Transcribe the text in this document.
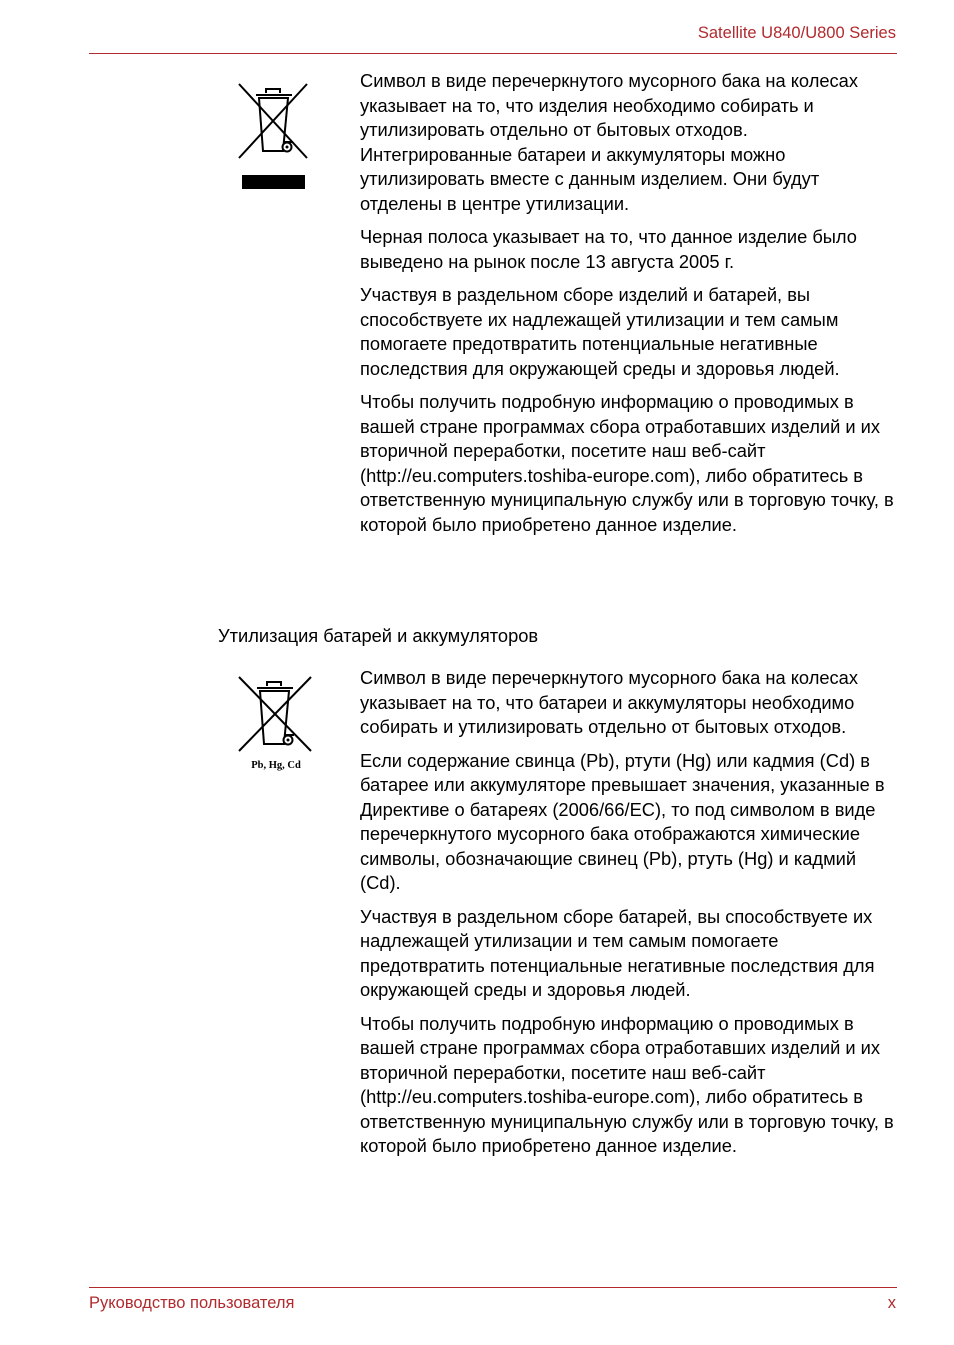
Satellite U840/U800 Series

Символ в виде перечеркнутого мусорного бака на колесах указывает на то, что изделия необходимо собирать и утилизировать отдельно от бытовых отходов. Интегрированные батареи и аккумуляторы можно утилизировать вместе с данным изделием. Они будут отделены в центре утилизации.

Черная полоса указывает на то, что данное изделие было выведено на рынок после 13 августа 2005 г.

Участвуя в раздельном сборе изделий и батарей, вы способствуете их надлежащей утилизации и тем самым помогаете предотвратить потенциальные негативные последствия для окружающей среды и здоровья людей.

Чтобы получить подробную информацию о проводимых в вашей стране программах сбора отработавших изделий и их вторичной переработки, посетите наш веб-сайт (http://eu.computers.toshiba-europe.com), либо обратитесь в ответственную муниципальную службу или в торговую точку, в которой было приобретено данное изделие.

Утилизация батарей и аккумуляторов
Pb, Hg, Cd

Символ в виде перечеркнутого мусорного бака на колесах указывает на то, что батареи и аккумуляторы необходимо собирать и утилизировать отдельно от бытовых отходов.

Если содержание свинца (Pb), ртути (Hg) или кадмия (Cd) в батарее или аккумуляторе превышает значения, указанные в Директиве о батареях (2006/66/EC), то под символом в виде перечеркнутого мусорного бака отображаются химические символы, обозначающие свинец (Pb), ртуть (Hg) и кадмий (Cd).

Участвуя в раздельном сборе батарей, вы способствуете их надлежащей утилизации и тем самым помогаете предотвратить потенциальные негативные последствия для окружающей среды и здоровья людей.

Чтобы получить подробную информацию о проводимых в вашей стране программах сбора отработавших изделий и их вторичной переработки, посетите наш веб-сайт (http://eu.computers.toshiba-europe.com), либо обратитесь в ответственную муниципальную службу или в торговую точку, в которой было приобретено данное изделие.

Руководство пользователя	x
